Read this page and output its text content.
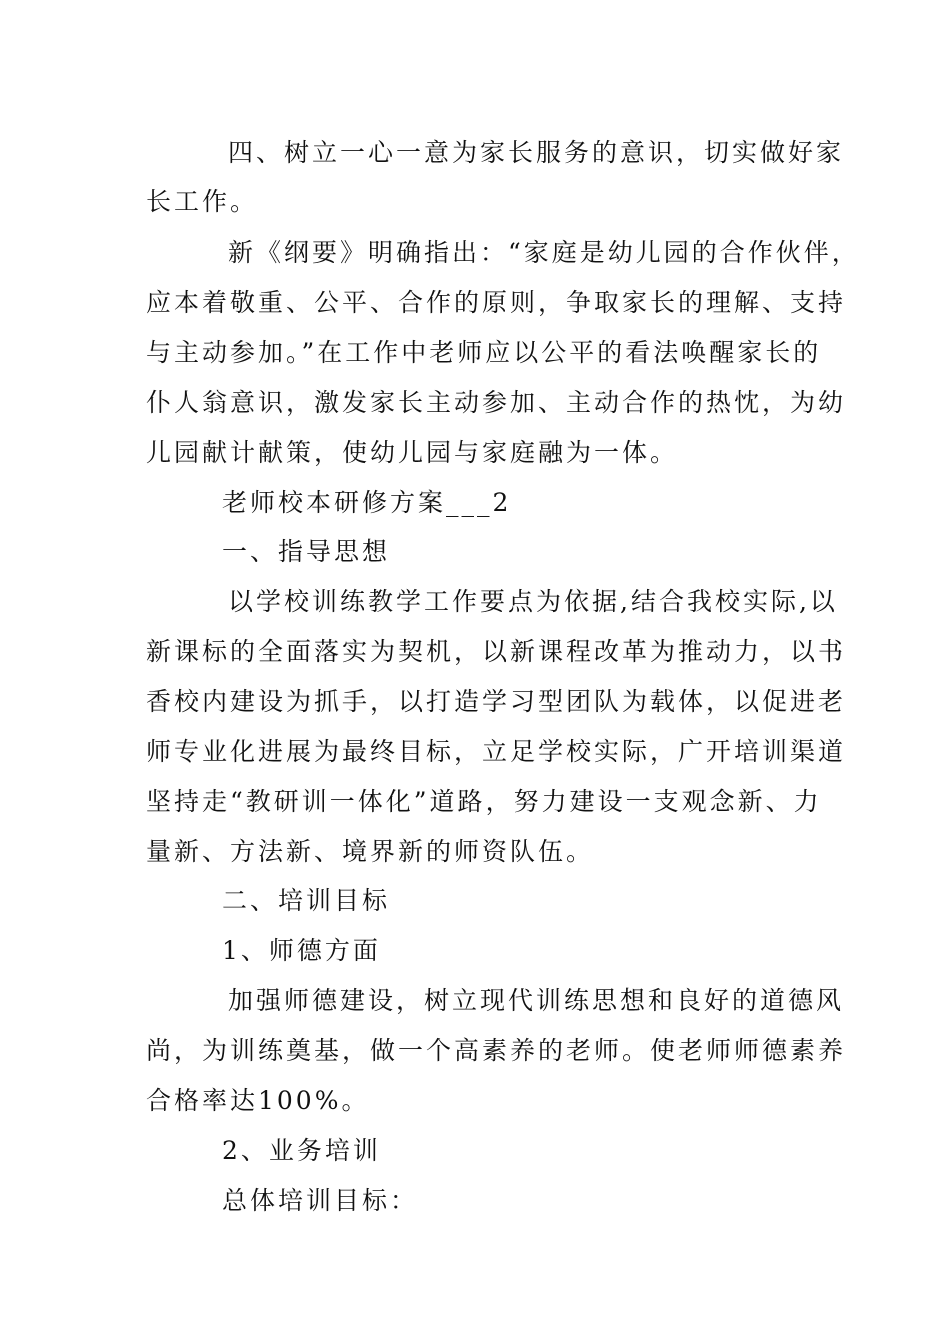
四、树立一心一意为家长服务的意识，切实做好家
长工作。
新《纲要》明确指出：“家庭是幼儿园的合作伙伴，
应本着敬重、公平、合作的原则，争取家长的理解、支持
与主动参加。”在工作中老师应以公平的看法唤醒家长的
仆人翁意识，激发家长主动参加、主动合作的热忱，为幼
儿园献计献策，使幼儿园与家庭融为一体。
老师校本研修方案___2
一、指导思想
以学校训练教学工作要点为依据,结合我校实际,以
新课标的全面落实为契机，以新课程改革为推动力，以书
香校内建设为抓手，以打造学习型团队为载体，以促进老
师专业化进展为最终目标，立足学校实际，广开培训渠道
坚持走“教研训一体化”道路，努力建设一支观念新、力
量新、方法新、境界新的师资队伍。
二、培训目标
1、师德方面
加强师德建设，树立现代训练思想和良好的道德风
尚，为训练奠基，做一个高素养的老师。使老师师德素养
合格率达100%。
2、业务培训
总体培训目标：
